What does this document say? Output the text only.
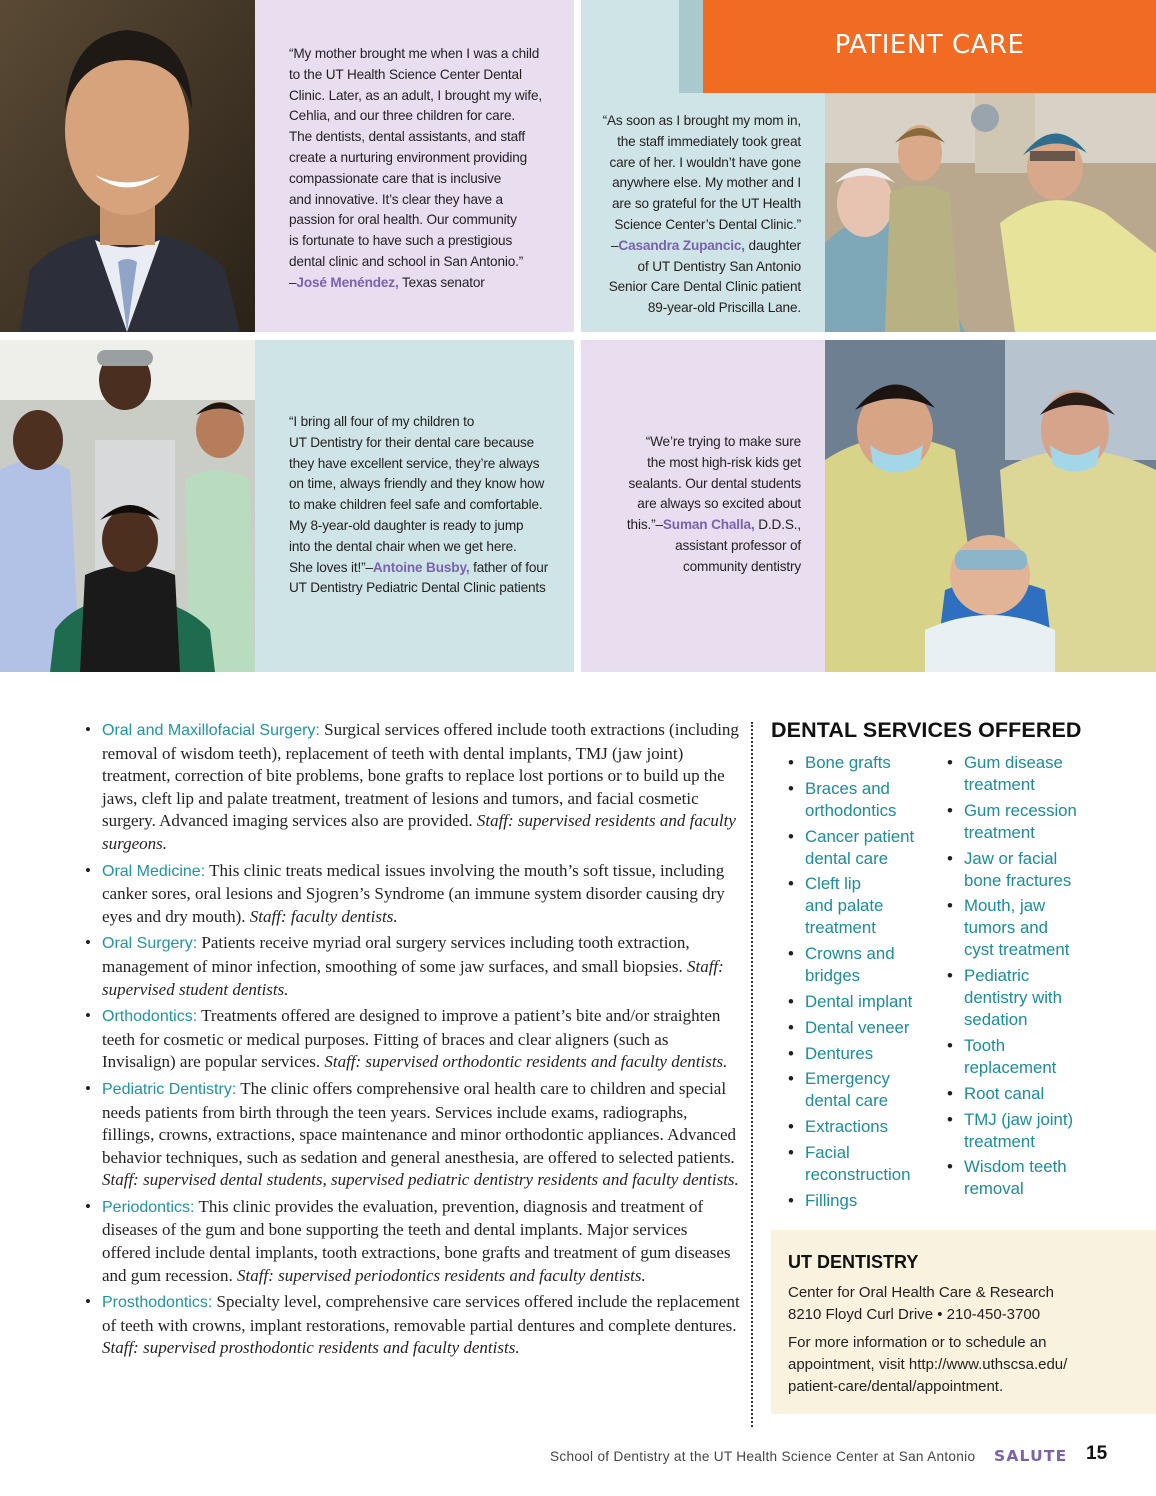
“My mother brought me when I was a child
to the UT Health Science Center Dental
Clinic. Later, as an adult, I brought my wife,
Cehlia, and our three children for care.
The dentists, dental assistants, and staff
create a nurturing environment providing
compassionate care that is inclusive
and innovative. It’s clear they have a
passion for oral health. Our community
is fortunate to have such a prestigious
dental clinic and school in San Antonio.”
–José Menéndez, Texas senator
PATIENT CARE
“As soon as I brought my mom in,
the staff immediately took great
care of her. I wouldn’t have gone
anywhere else. My mother and I
are so grateful for the UT Health
Science Center’s Dental Clinic.”
–Casandra Zupancic, daughter
of UT Dentistry San Antonio
Senior Care Dental Clinic patient
89-year-old Priscilla Lane.
“I bring all four of my children to
UT Dentistry for their dental care because
they have excellent service, they’re always
on time, always friendly and they know how
to make children feel safe and comfortable.
My 8-year-old daughter is ready to jump
into the dental chair when we get here.
She loves it!”–Antoine Busby, father of four
UT Dentistry Pediatric Dental Clinic patients
“We’re trying to make sure
the most high-risk kids get
sealants. Our dental students
are always so excited about
this.”–Suman Challa, D.D.S.,
assistant professor of
community dentistry
• Oral and Maxillofacial Surgery: Surgical services offered include tooth extractions (including removal of wisdom teeth), replacement of teeth with dental implants, TMJ (jaw joint) treatment, correction of bite problems, bone grafts to replace lost portions or to build up the jaws, cleft lip and palate treatment, treatment of lesions and tumors, and facial cosmetic surgery. Advanced imaging services also are provided. Staff: supervised residents and faculty surgeons.
• Oral Medicine: This clinic treats medical issues involving the mouth’s soft tissue, including canker sores, oral lesions and Sjogren’s Syndrome (an immune system disorder causing dry eyes and dry mouth). Staff: faculty dentists.
• Oral Surgery: Patients receive myriad oral surgery services including tooth extraction, management of minor infection, smoothing of some jaw surfaces, and small biopsies. Staff: supervised student dentists.
• Orthodontics: Treatments offered are designed to improve a patient’s bite and/or straighten teeth for cosmetic or medical purposes. Fitting of braces and clear aligners (such as Invisalign) are popular services. Staff: supervised orthodontic residents and faculty dentists.
• Pediatric Dentistry: The clinic offers comprehensive oral health care to children and special needs patients from birth through the teen years. Services include exams, radiographs, fillings, crowns, extractions, space maintenance and minor orthodontic appliances. Advanced behavior techniques, such as sedation and general anesthesia, are offered to selected patients. Staff: supervised dental students, supervised pediatric dentistry residents and faculty dentists.
• Periodontics: This clinic provides the evaluation, prevention, diagnosis and treatment of diseases of the gum and bone supporting the teeth and dental implants. Major services offered include dental implants, tooth extractions, bone grafts and treatment of gum diseases and gum recession. Staff: supervised periodontics residents and faculty dentists.
• Prosthodontics: Specialty level, comprehensive care services offered include the replacement of teeth with crowns, implant restorations, removable partial dentures and complete dentures. Staff: supervised prosthodontic residents and faculty dentists.
DENTAL SERVICES OFFERED
• Bone grafts
• Braces and
orthodontics
• Cancer patient
dental care
• Cleft lip
and palate
treatment
• Crowns and
bridges
• Dental implant
• Dental veneer
• Dentures
• Emergency
dental care
• Extractions
• Facial
reconstruction
• Fillings
• Gum disease
treatment
• Gum recession
treatment
• Jaw or facial
bone fractures
• Mouth, jaw
tumors and
cyst treatment
• Pediatric
dentistry with
sedation
• Tooth
replacement
• Root canal
• TMJ (jaw joint)
treatment
• Wisdom teeth
removal
UT DENTISTRY
Center for Oral Health Care & Research
8210 Floyd Curl Drive • 210-450-3700
For more information or to schedule an
appointment, visit http://www.uthscsa.edu/
patient-care/dental/appointment.
School of Dentistry at the UT Health Science Center at San Antonio SALUTE 15
